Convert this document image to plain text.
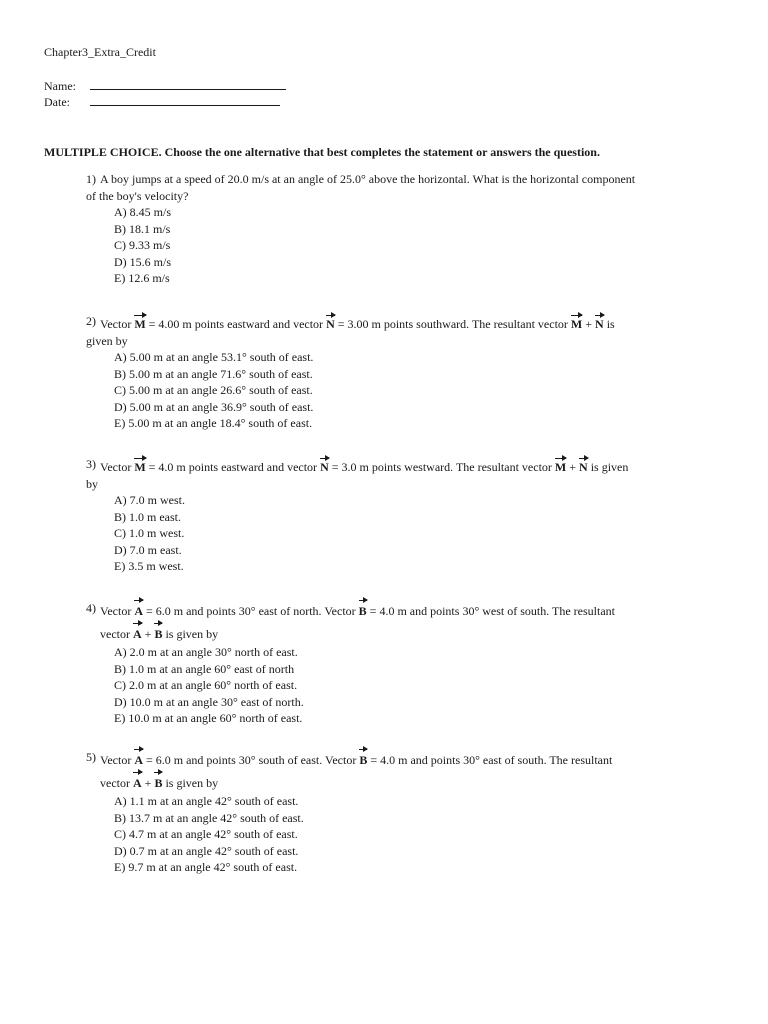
Chapter3_Extra_Credit
Name:
Date:
MULTIPLE CHOICE. Choose the one alternative that best completes the statement or answers the question.
1) A boy jumps at a speed of 20.0 m/s at an angle of 25.0° above the horizontal. What is the horizontal component
of the boy's velocity?
A) 8.45 m/s
B) 18.1 m/s
C) 9.33 m/s
D) 15.6 m/s
E) 12.6 m/s
2) Vector M = 4.00 m points eastward and vector N = 3.00 m points southward. The resultant vector M + N is
given by
A) 5.00 m at an angle 53.1° south of east.
B) 5.00 m at an angle 71.6° south of east.
C) 5.00 m at an angle 26.6° south of east.
D) 5.00 m at an angle 36.9° south of east.
E) 5.00 m at an angle 18.4° south of east.
3) Vector M = 4.0 m points eastward and vector N = 3.0 m points westward. The resultant vector M + N is given
by
A) 7.0 m west.
B) 1.0 m east.
C) 1.0 m west.
D) 7.0 m east.
E) 3.5 m west.
4) Vector A = 6.0 m and points 30° east of north. Vector B = 4.0 m and points 30° west of south. The resultant
vector A + B is given by
A) 2.0 m at an angle 30° north of east.
B) 1.0 m at an angle 60° east of north
C) 2.0 m at an angle 60° north of east.
D) 10.0 m at an angle 30° east of north.
E) 10.0 m at an angle 60° north of east.
5) Vector A = 6.0 m and points 30° south of east. Vector B = 4.0 m and points 30° east of south. The resultant
vector A + B is given by
A) 1.1 m at an angle 42° south of east.
B) 13.7 m at an angle 42° south of east.
C) 4.7 m at an angle 42° south of east.
D) 0.7 m at an angle 42° south of east.
E) 9.7 m at an angle 42° south of east.
